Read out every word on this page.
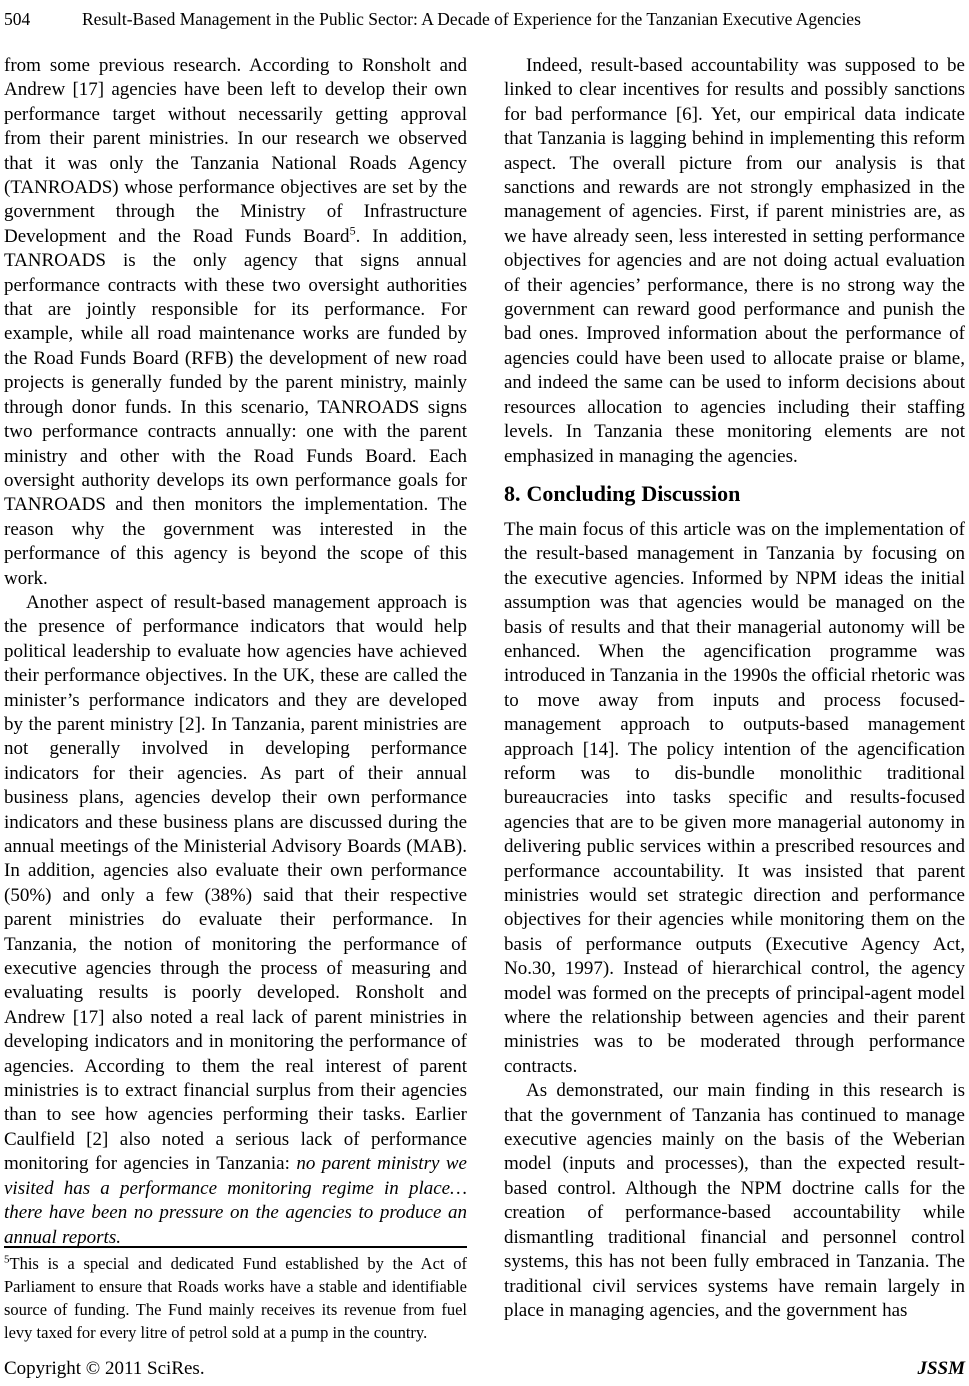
504	Result-Based Management in the Public Sector: A Decade of Experience for the Tanzanian Executive Agencies

from some previous research. According to Ronsholt and Andrew [17] agencies have been left to develop their own performance target without necessarily getting approval from their parent ministries. In our research we observed that it was only the Tanzania National Roads Agency (TANROADS) whose performance objectives are set by the government through the Ministry of Infrastructure Development and the Road Funds Board$^5$. In addition, TANROADS is the only agency that signs annual performance contracts with these two oversight authorities that are jointly responsible for its performance. For example, while all road maintenance works are funded by the Road Funds Board (RFB) the development of new road projects is generally funded by the parent ministry, mainly through donor funds. In this scenario, TANROADS signs two performance contracts annually: one with the parent ministry and other with the Road Funds Board. Each oversight authority develops its own performance goals for TANROADS and then monitors the implementation. The reason why the government was interested in the performance of this agency is beyond the scope of this work.

Another aspect of result-based management approach is the presence of performance indicators that would help political leadership to evaluate how agencies have achieved their performance objectives. In the UK, these are called the minister’s performance indicators and they are developed by the parent ministry [2]. In Tanzania, parent ministries are not generally involved in developing performance indicators for their agencies. As part of their annual business plans, agencies develop their own performance indicators and these business plans are discussed during the annual meetings of the Ministerial Advisory Boards (MAB). In addition, agencies also evaluate their own performance (50%) and only a few (38%) said that their respective parent ministries do evaluate their performance. In Tanzania, the notion of monitoring the performance of executive agencies through the process of measuring and evaluating results is poorly developed. Ronsholt and Andrew [17] also noted a real lack of parent ministries in developing indicators and in monitoring the performance of agencies. According to them the real interest of parent ministries is to extract financial surplus from their agencies than to see how agencies performing their tasks. Earlier Caulfield [2] also noted a serious lack of performance monitoring for agencies in Tanzania: no parent ministry we visited has a performance monitoring regime in place…there have been no pressure on the agencies to produce an annual reports.

Indeed, result-based accountability was supposed to be linked to clear incentives for results and possibly sanctions for bad performance [6]. Yet, our empirical data indicate that Tanzania is lagging behind in implementing this reform aspect. The overall picture from our analysis is that sanctions and rewards are not strongly emphasized in the management of agencies. First, if parent ministries are, as we have already seen, less interested in setting performance objectives for agencies and are not doing actual evaluation of their agencies’ performance, there is no strong way the government can reward good performance and punish the bad ones. Improved information about the performance of agencies could have been used to allocate praise or blame, and indeed the same can be used to inform decisions about resources allocation to agencies including their staffing levels. In Tanzania these monitoring elements are not emphasized in managing the agencies.

8. Concluding Discussion

The main focus of this article was on the implementation of the result-based management in Tanzania by focusing on the executive agencies. Informed by NPM ideas the initial assumption was that agencies would be managed on the basis of results and that their managerial autonomy will be enhanced. When the agencification programme was introduced in Tanzania in the 1990s the official rhetoric was to move away from inputs and process focused-management approach to outputs-based management approach [14]. The policy intention of the agencification reform was to dis-bundle monolithic traditional bureaucracies into tasks specific and results-focused agencies that are to be given more managerial autonomy in delivering public services within a prescribed resources and performance accountability. It was insisted that parent ministries would set strategic direction and performance objectives for their agencies while monitoring them on the basis of performance outputs (Executive Agency Act, No.30, 1997). Instead of hierarchical control, the agency model was formed on the precepts of principal-agent model where the relationship between agencies and their parent ministries was to be moderated through performance contracts.

As demonstrated, our main finding in this research is that the government of Tanzania has continued to manage executive agencies mainly on the basis of the Weberian model (inputs and processes), than the expected result-based control. Although the NPM doctrine calls for the creation of performance-based accountability while dismantling traditional financial and personnel control systems, this has not been fully embraced in Tanzania. The traditional civil services systems have remain largely in place in managing agencies, and the government has

$^5$This is a special and dedicated Fund established by the Act of Parliament to ensure that Roads works have a stable and identifiable source of funding. The Fund mainly receives its revenue from fuel levy taxed for every litre of petrol sold at a pump in the country.

Copyright © 2011 SciRes.	JSSM
